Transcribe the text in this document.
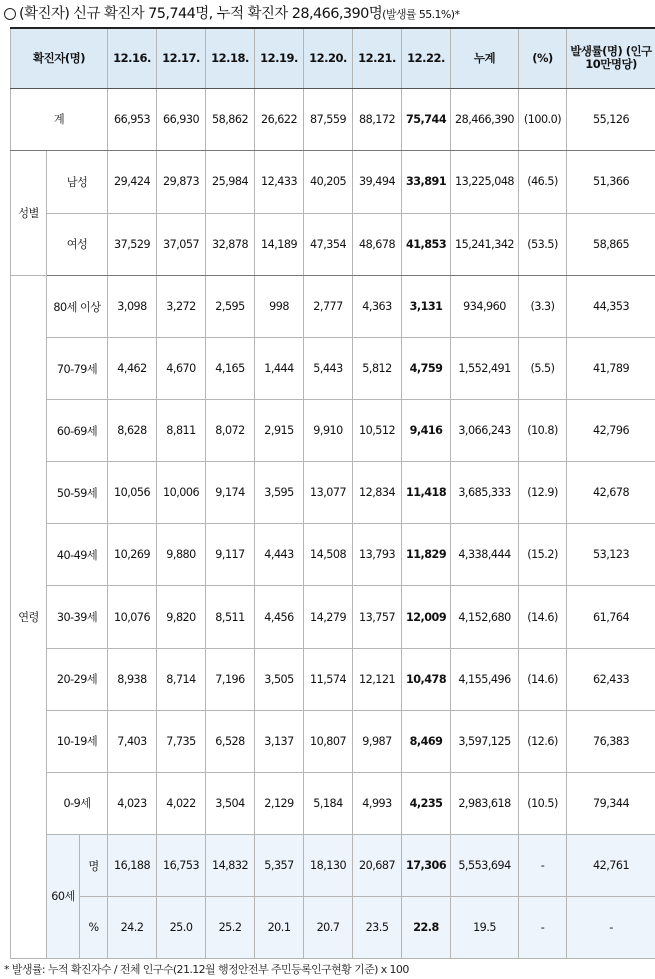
(확진자) 신규 확진자 75,744명, 누적 확진자 28,466,390명(발생률 55.1%)*
확진자(명)			12.16.	12.17.	12.18.	12.19.	12.20.	12.21.	12.22.	누계	(%)	발생률(명) (인구 10만명당)
계			66,953	66,930	58,862	26,622	87,559	88,172	75,744	28,466,390	(100.0)	55,126
성별	남성		29,424	29,873	25,984	12,433	40,205	39,494	33,891	13,225,048	(46.5)	51,366
	여성		37,529	37,057	32,878	14,189	47,354	48,678	41,853	15,241,342	(53.5)	58,865
연령	80세 이상		3,098	3,272	2,595	998	2,777	4,363	3,131	934,960	(3.3)	44,353
	70-79세		4,462	4,670	4,165	1,444	5,443	5,812	4,759	1,552,491	(5.5)	41,789
	60-69세		8,628	8,811	8,072	2,915	9,910	10,512	9,416	3,066,243	(10.8)	42,796
	50-59세		10,056	10,006	9,174	3,595	13,077	12,834	11,418	3,685,333	(12.9)	42,678
	40-49세		10,269	9,880	9,117	4,443	14,508	13,793	11,829	4,338,444	(15.2)	53,123
	30-39세		10,076	9,820	8,511	4,456	14,279	13,757	12,009	4,152,680	(14.6)	61,764
	20-29세		8,938	8,714	7,196	3,505	11,574	12,121	10,478	4,155,496	(14.6)	62,433
	10-19세		7,403	7,735	6,528	3,137	10,807	9,987	8,469	3,597,125	(12.6)	76,383
	0-9세		4,023	4,022	3,504	2,129	5,184	4,993	4,235	2,983,618	(10.5)	79,344
	60세	명	16,188	16,753	14,832	5,357	18,130	20,687	17,306	5,553,694	-	42,761
		%	24.2	25.0	25.2	20.1	20.7	23.5	22.8	19.5	-	-
* 발생률: 누적 확진자수 / 전체 인구수(21.12월 행정안전부 주민등록인구현황 기준) x 100
